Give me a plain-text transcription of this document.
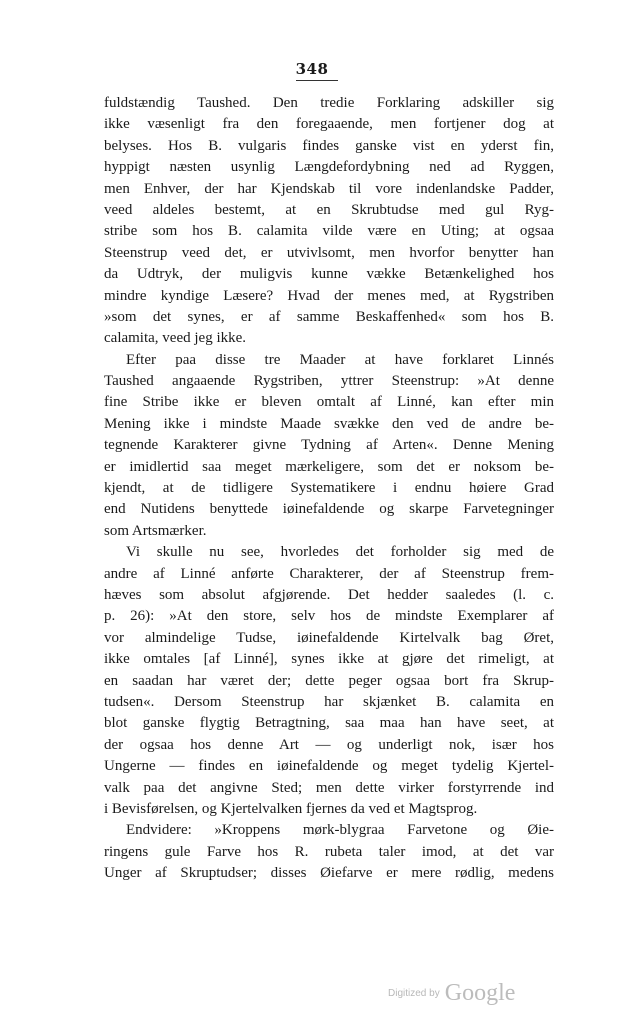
348
fuldstændig Taushed. Den tredie Forklaring adskiller sig
ikke væsenligt fra den foregaaende, men fortjener dog at
belyses. Hos B. vulgaris findes ganske vist en yderst fin,
hyppigt næsten usynlig Længdefordybning ned ad Ryggen,
men Enhver, der har Kjendskab til vore indenlandske Padder,
veed aldeles bestemt, at en Skrubtudse med gul Ryg-
stribe som hos B. calamita vilde være en Uting; at ogsaa
Steenstrup veed det, er utvivlsomt, men hvorfor benytter han
da Udtryk, der muligvis kunne vække Betænkelighed hos
mindre kyndige Læsere? Hvad der menes med, at Rygstriben
»som det synes, er af samme Beskaffenhed« som hos B.
calamita, veed jeg ikke.
Efter paa disse tre Maader at have forklaret Linnés
Taushed angaaende Rygstriben, yttrer Steenstrup: »At denne
fine Stribe ikke er bleven omtalt af Linné, kan efter min
Mening ikke i mindste Maade svække den ved de andre be-
tegnende Karakterer givne Tydning af Arten«. Denne Mening
er imidlertid saa meget mærkeligere, som det er noksom be-
kjendt, at de tidligere Systematikere i endnu høiere Grad
end Nutidens benyttede iøinefaldende og skarpe Farvetegninger
som Artsmærker.
Vi skulle nu see, hvorledes det forholder sig med de
andre af Linné anførte Charakterer, der af Steenstrup frem-
hæves som absolut afgjørende. Det hedder saaledes (l. c.
p. 26): »At den store, selv hos de mindste Exemplarer af
vor almindelige Tudse, iøinefaldende Kirtelvalk bag Øret,
ikke omtales [af Linné], synes ikke at gjøre det rimeligt, at
en saadan har været der; dette peger ogsaa bort fra Skrup-
tudsen«. Dersom Steenstrup har skjænket B. calamita en
blot ganske flygtig Betragtning, saa maa han have seet, at
der ogsaa hos denne Art — og underligt nok, især hos
Ungerne — findes en iøinefaldende og meget tydelig Kjertel-
valk paa det angivne Sted; men dette virker forstyrrende ind
i Bevisførelsen, og Kjertelvalken fjernes da ved et Magtsprog.
Endvidere: »Kroppens mørk-blygraa Farvetone og Øie-
ringens gule Farve hos R. rubeta taler imod, at det var
Unger af Skruptudser; disses Øiefarve er mere rødlig, medens
Digitized by Google
